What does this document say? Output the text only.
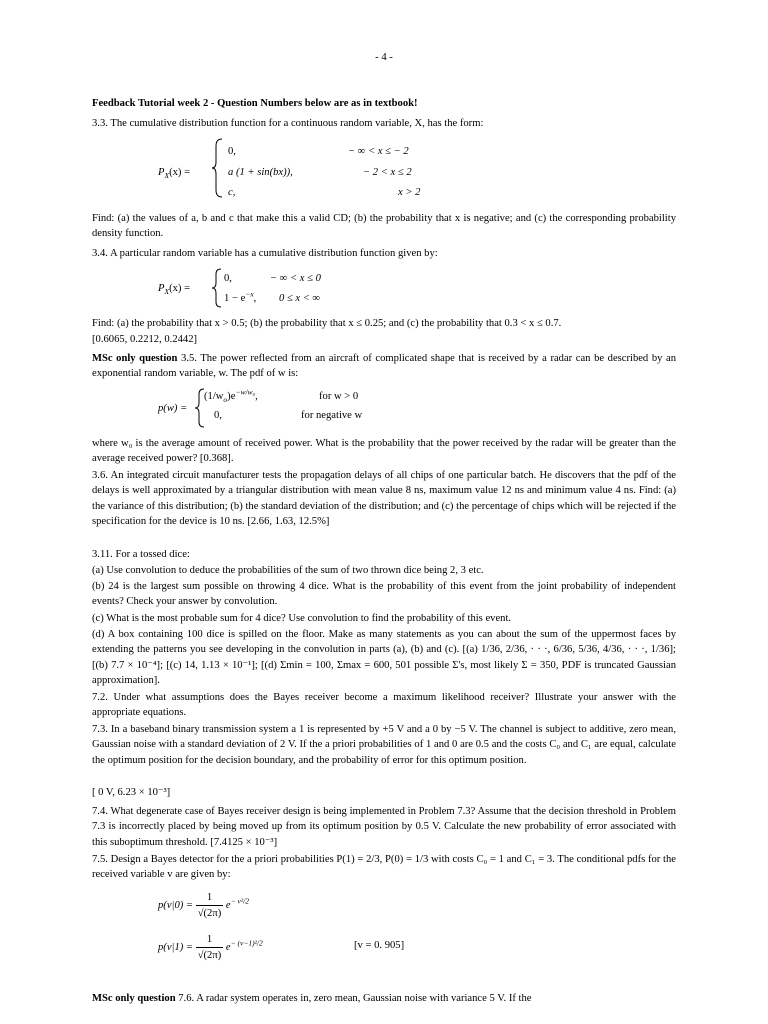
- 4 -

Feedback Tutorial week 2 - Question Numbers below are as in textbook!

3.3. The cumulative distribution function for a continuous random variable, X, has the form:

$P_X(x)$ =
0,	− ∞ < x ≤ − 2
a (1 + sin(bx)),	− 2 < x ≤ 2
c,	x > 2

Find: (a) the values of a, b and c that make this a valid CD; (b) the probability that x is negative; and (c) the corresponding probability density function.

3.4. A particular random variable has a cumulative distribution function given by:

$P_X(x)$ =
0,	− ∞ < x ≤ 0
$1 - e^{-x}$, 0 ≤ x < ∞

Find: (a) the probability that x > 0.5; (b) the probability that x ≤ 0.25; and (c) the probability that 0.3 < x ≤ 0.7.

[0.6065, 0.2212, 0.2442]

MSc only question 3.5. The power reflected from an aircraft of complicated shape that is received by a radar can be described by an exponential random variable, w. The pdf of w is:

p(w) =
$(1/w_o)e^{-w/w_0}$,	for w > 0
0,	for negative w

where w₀ is the average amount of received power. What is the probability that the power received by the radar will be greater than the average received power? [0.368].

3.6. An integrated circuit manufacturer tests the propagation delays of all chips of one particular batch. He discovers that the pdf of the delays is well approximated by a triangular distribution with mean value 8 ns, maximum value 12 ns and minimum value 4 ns. Find: (a) the variance of this distribution; (b) the standard deviation of the distribution; and (c) the percentage of chips which will be rejected if the specification for the device is 10 ns. [2.66, 1.63, 12.5%]

3.11. For a tossed dice:

(a) Use convolution to deduce the probabilities of the sum of two thrown dice being 2, 3 etc.

(b) 24 is the largest sum possible on throwing 4 dice. What is the probability of this event from the joint probability of independent events? Check your answer by convolution.

(c) What is the most probable sum for 4 dice? Use convolution to find the probability of this event.

(d) A box containing 100 dice is spilled on the floor. Make as many statements as you can about the sum of the uppermost faces by extending the patterns you see developing in the convolution in parts (a), (b) and (c). [(a) 1/36, 2/36, · · ·, 6/36, 5/36, 4/36, · · ·, 1/36]; [(b) 7.7 × 10⁻⁴]; [(c) 14, 1.13 × 10⁻¹]; [(d) Σmin = 100, Σmax = 600, 501 possible Σ's, most likely Σ = 350, PDF is truncated Gaussian approximation].

7.2. Under what assumptions does the Bayes receiver become a maximum likelihood receiver? Illustrate your answer with the appropriate equations.

7.3. In a baseband binary transmission system a 1 is represented by +5 V and a 0 by −5 V. The channel is subject to additive, zero mean, Gaussian noise with a standard deviation of 2 V. If the a priori probabilities of 1 and 0 are 0.5 and the costs C₀ and C₁ are equal, calculate the optimum position for the decision boundary, and the probability of error for this optimum position.

[ 0 V, 6.23 × 10⁻³]

7.4. What degenerate case of Bayes receiver design is being implemented in Problem 7.3? Assume that the decision threshold in Problem 7.3 is incorrectly placed by being moved up from its optimum position by 0.5 V. Calculate the new probability of error associated with this suboptimum threshold. [7.4125 × 10⁻³]

7.5. Design a Bayes detector for the a priori probabilities P(1) = 2/3, P(0) = 1/3 with costs C₀ = 1 and C₁ = 3. The conditional pdfs for the received variable v are given by:

$p(v|0) = \frac{1}{√(2\pi)} e^{- v^2/2}$
$p(v|1) = \frac{1}{√(2\pi)} e^{- (v-1)^2/2}$	[v = 0. 905]

MSc only question 7.6. A radar system operates in, zero mean, Gaussian noise with variance 5 V. If the
